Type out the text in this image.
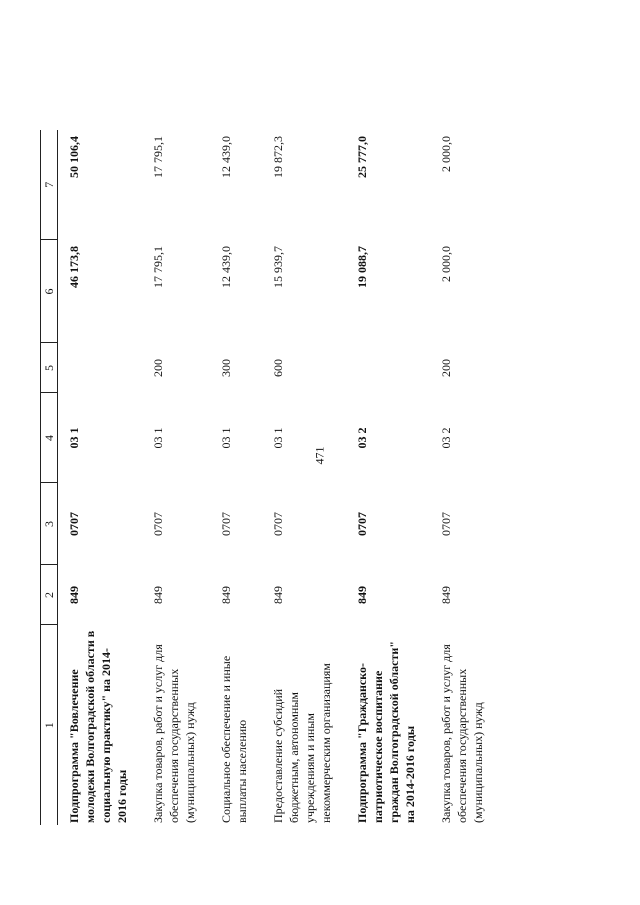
471
1	2	3	4	5	6	7
Подпрограмма "Вовлечение молодежи Волгоградской области в социальную практику" на 2014-2016 годы	849	0707	03 1		46 173,8	50 106,4
Закупка товаров, работ и услуг для обеспечения государственных (муниципальных) нужд	849	0707	03 1	200	17 795,1	17 795,1
Социальное обеспечение и иные выплаты населению	849	0707	03 1	300	12 439,0	12 439,0
Предоставление субсидий бюджетным, автономным учреждениям и иным некоммерческим организациям	849	0707	03 1	600	15 939,7	19 872,3
Подпрограмма "Гражданско-патриотическое воспитание граждан Волгоградской области" на 2014-2016 годы	849	0707	03 2		19 088,7	25 777,0
Закупка товаров, работ и услуг для обеспечения государственных (муниципальных) нужд	849	0707	03 2	200	2 000,0	2 000,0
